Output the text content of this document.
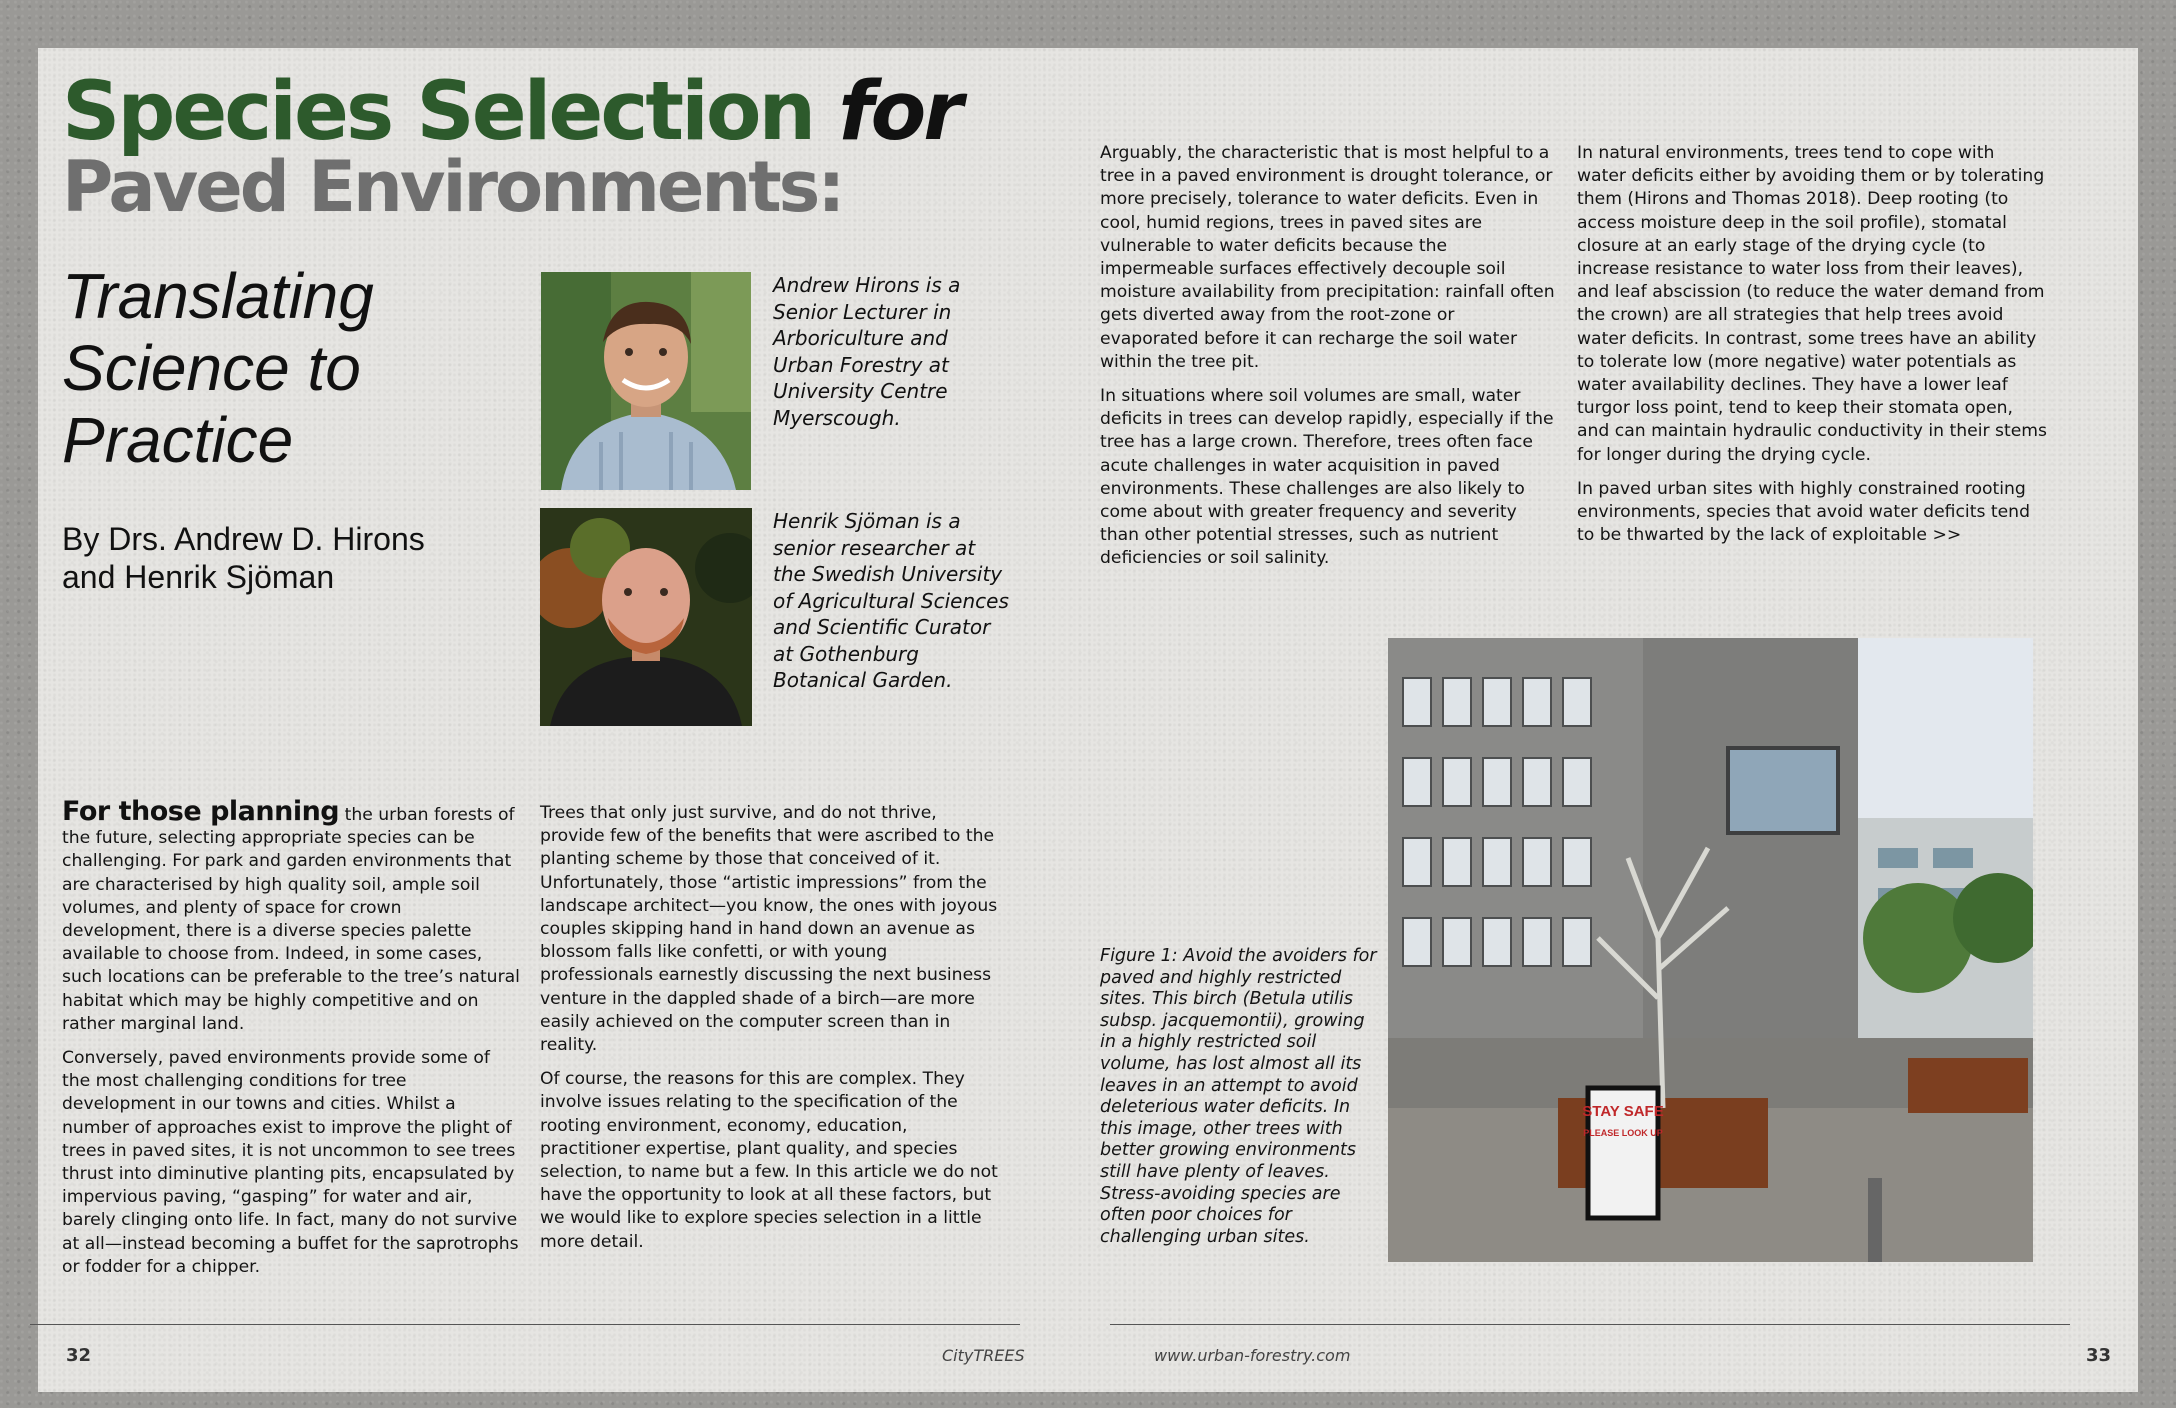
Species Selection for
Paved Environments:
Translating Science to Practice
By Drs. Andrew D. Hirons and Henrik Sjöman
Andrew Hirons is a Senior Lecturer in Arboriculture and Urban Forestry at University Centre Myerscough.
Henrik Sjöman is a senior researcher at the Swedish University of Agricultural Sciences and Scientific Curator at Gothenburg Botanical Garden.

For those planning the urban forests of the future, selecting appropriate species can be challenging. For park and garden environments that are characterised by high quality soil, ample soil volumes, and plenty of space for crown development, there is a diverse species palette available to choose from. Indeed, in some cases, such locations can be preferable to the tree’s natural habitat which may be highly competitive and on rather marginal land.

Conversely, paved environments provide some of the most challenging conditions for tree development in our towns and cities. Whilst a number of approaches exist to improve the plight of trees in paved sites, it is not uncommon to see trees thrust into diminutive planting pits, encapsulated by impervious paving, “gasping” for water and air, barely clinging onto life. In fact, many do not survive at all—instead becoming a buffet for the saprotrophs or fodder for a chipper.

Trees that only just survive, and do not thrive, provide few of the benefits that were ascribed to the planting scheme by those that conceived of it. Unfortunately, those “artistic impressions” from the landscape architect—you know, the ones with joyous couples skipping hand in hand down an avenue as blossom falls like confetti, or with young professionals earnestly discussing the next business venture in the dappled shade of a birch—are more easily achieved on the computer screen than in reality.

Of course, the reasons for this are complex. They involve issues relating to the specification of the rooting environment, economy, education, practitioner expertise, plant quality, and species selection, to name but a few. In this article we do not have the opportunity to look at all these factors, but we would like to explore species selection in a little more detail.

Arguably, the characteristic that is most helpful to a tree in a paved environment is drought tolerance, or more precisely, tolerance to water deficits. Even in cool, humid regions, trees in paved sites are vulnerable to water deficits because the impermeable surfaces effectively decouple soil moisture availability from precipitation: rainfall often gets diverted away from the root-zone or evaporated before it can recharge the soil water within the tree pit.

In situations where soil volumes are small, water deficits in trees can develop rapidly, especially if the tree has a large crown. Therefore, trees often face acute challenges in water acquisition in paved environments. These challenges are also likely to come about with greater frequency and severity than other potential stresses, such as nutrient deficiencies or soil salinity.

In natural environments, trees tend to cope with water deficits either by avoiding them or by tolerating them (Hirons and Thomas 2018). Deep rooting (to access moisture deep in the soil profile), stomatal closure at an early stage of the drying cycle (to increase resistance to water loss from their leaves), and leaf abscission (to reduce the water demand from the crown) are all strategies that help trees avoid water deficits. In contrast, some trees have an ability to tolerate low (more negative) water potentials as water availability declines. They have a lower leaf turgor loss point, tend to keep their stomata open, and can maintain hydraulic conductivity in their stems for longer during the drying cycle.

In paved urban sites with highly constrained rooting environments, species that avoid water deficits tend to be thwarted by the lack of exploitable >>

Figure 1: Avoid the avoiders for paved and highly restricted sites. This birch (Betula utilis subsp. jacquemontii), growing in a highly restricted soil volume, has lost almost all its leaves in an attempt to avoid deleterious water deficits. In this image, other trees with better growing environments still have plenty of leaves. Stress-avoiding species are often poor choices for challenging urban sites.
STAY SAFE
PLEASE LOOK UP
32	CityTREES	www.urban-forestry.com	33
